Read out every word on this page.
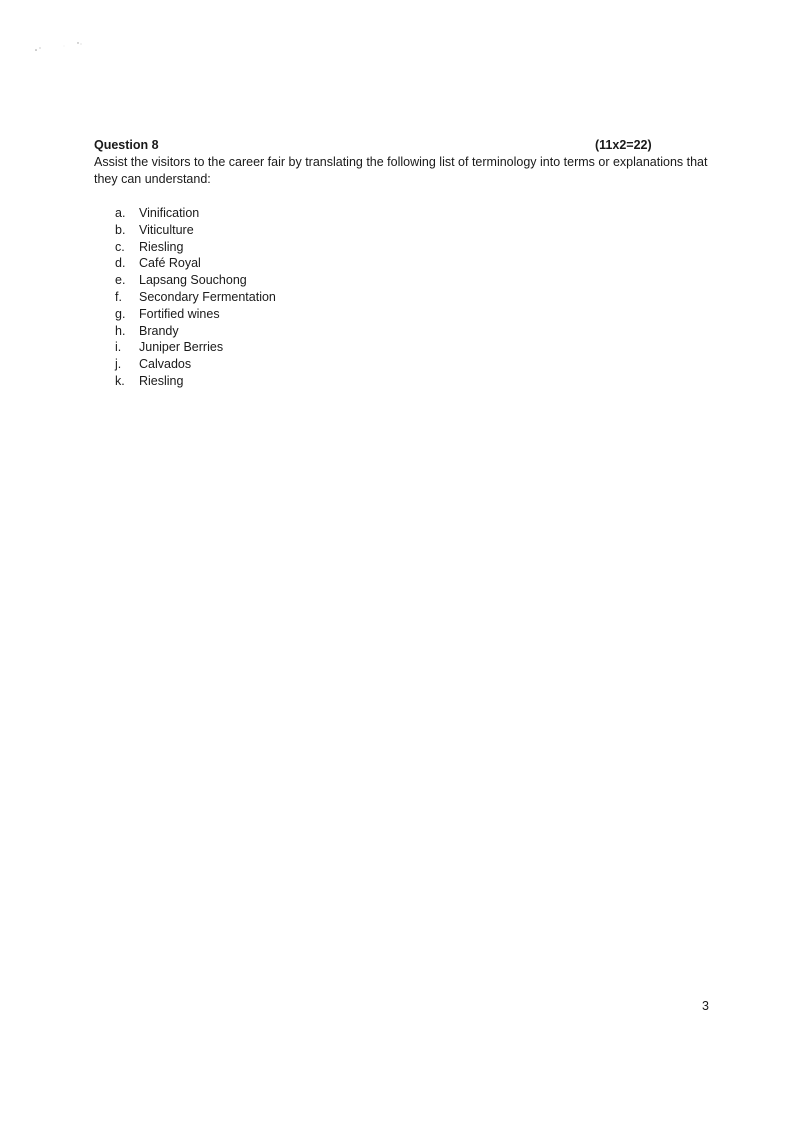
Question 8	(11x2=22)
Assist the visitors to the career fair by translating the following list of terminology into terms or explanations that they can understand:
a. Vinification
b. Viticulture
c. Riesling
d. Café Royal
e. Lapsang Souchong
f. Secondary Fermentation
g. Fortified wines
h. Brandy
i. Juniper Berries
j. Calvados
k. Riesling
3
